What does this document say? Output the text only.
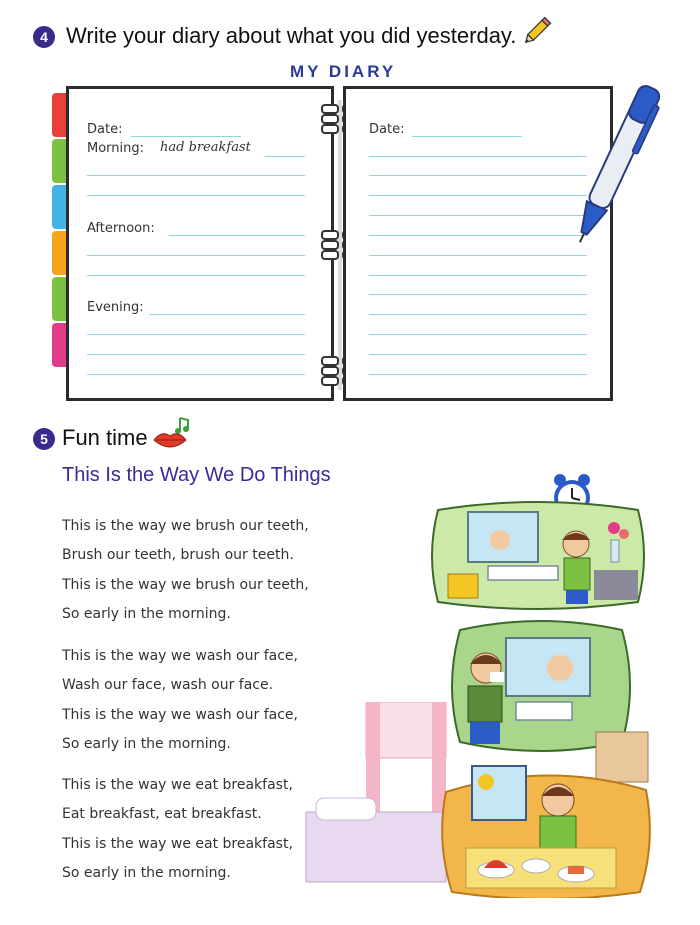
4 Write your diary about what you did yesterday.
MY DIARY
Date:
Morning: had breakfast
Afternoon:
Evening:
Date:
5 Fun time
This Is the Way We Do Things
This is the way we brush our teeth,
Brush our teeth, brush our teeth.
This is the way we brush our teeth,
So early in the morning.
This is the way we wash our face,
Wash our face, wash our face.
This is the way we wash our face,
So early in the morning.
This is the way we eat breakfast,
Eat breakfast, eat breakfast.
This is the way we eat breakfast,
So early in the morning.
